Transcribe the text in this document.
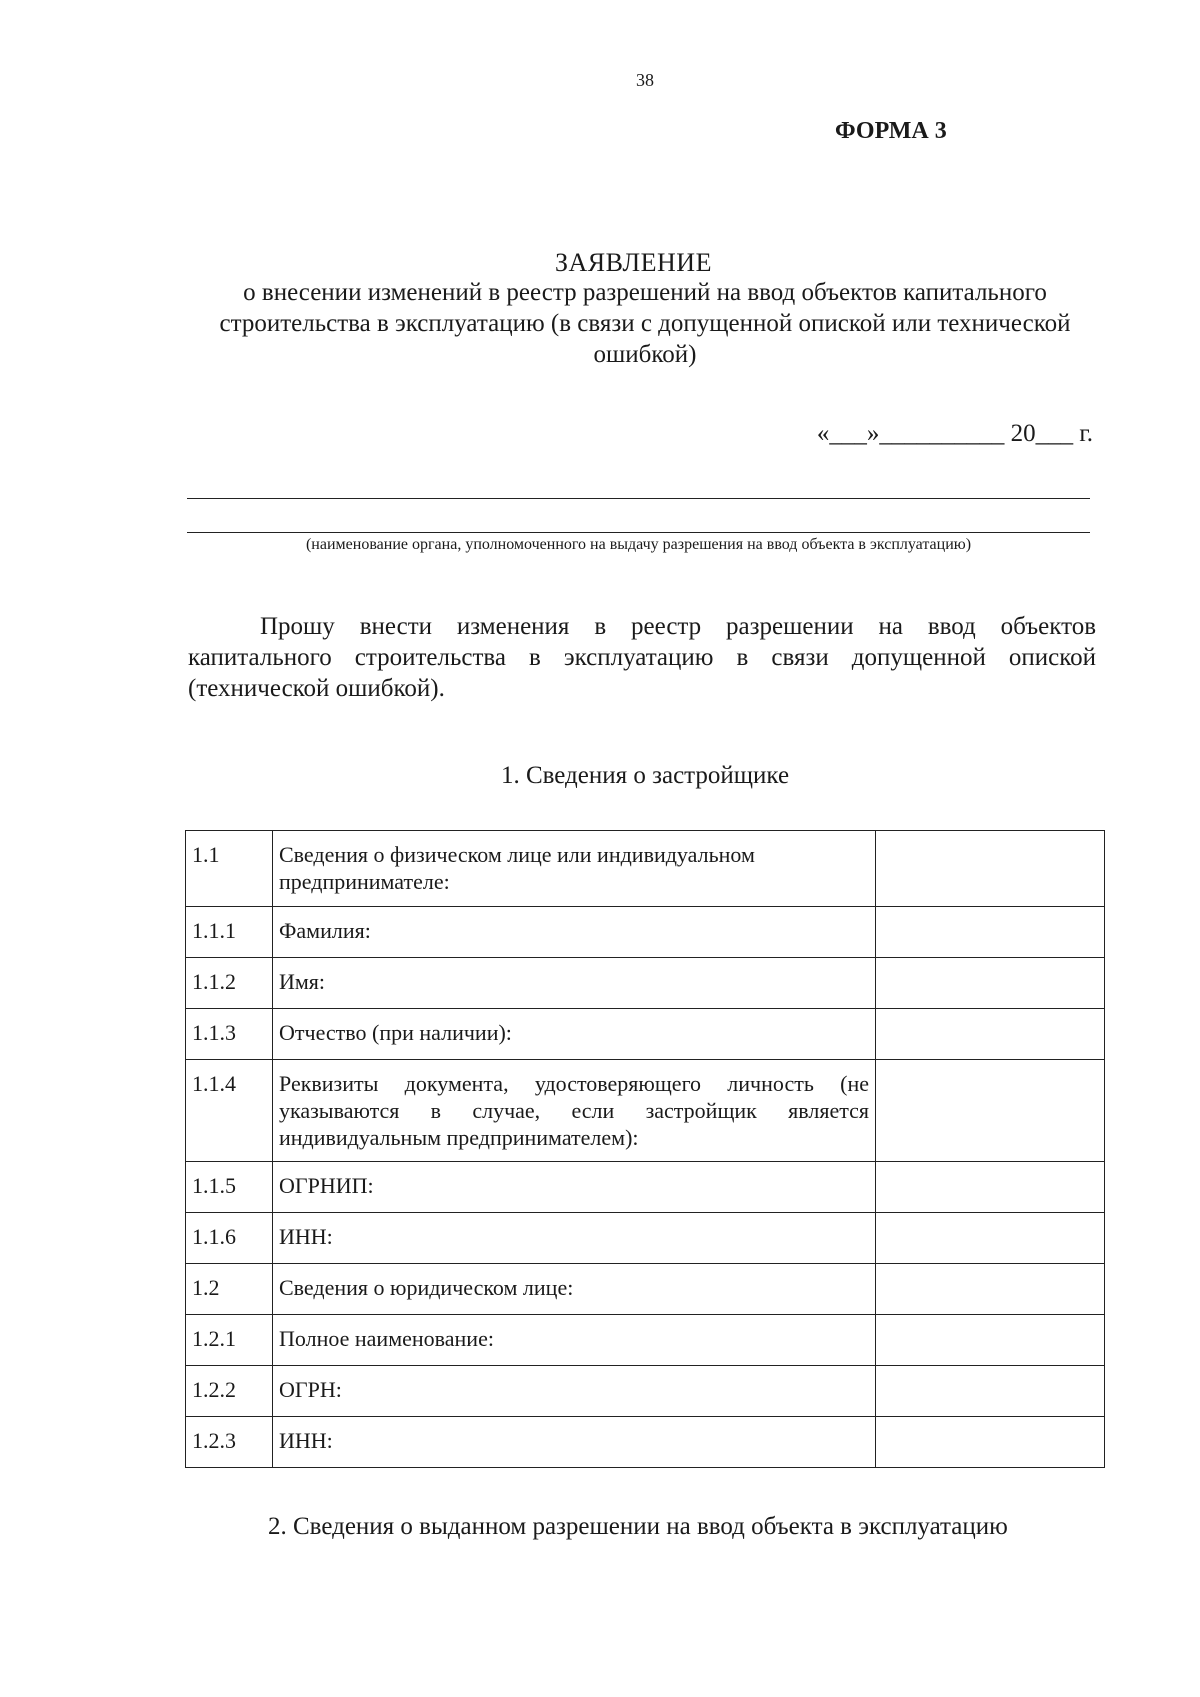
38
ФОРМА 3
ЗАЯВЛЕНИЕ
о внесении изменений в реестр разрешений на ввод объектов капитального строительства в эксплуатацию (в связи с допущенной опиской или технической ошибкой)
«___»__________ 20___ г.
(наименование органа, уполномоченного на выдачу разрешения на ввод объекта в эксплуатацию)
Прошу внести изменения в реестр разрешении на ввод объектов капитального строительства в эксплуатацию в связи допущенной опиской (технической ошибкой).
1. Сведения о застройщике
1.1	Сведения о физическом лице или индивидуальном предпринимателе:	
1.1.1	Фамилия:	
1.1.2	Имя:	
1.1.3	Отчество (при наличии):	
1.1.4	Реквизиты документа, удостоверяющего личность (не указываются в случае, если застройщик является индивидуальным предпринимателем):	
1.1.5	ОГРНИП:	
1.1.6	ИНН:	
1.2	Сведения о юридическом лице:	
1.2.1	Полное наименование:	
1.2.2	ОГРН:	
1.2.3	ИНН:	
2. Сведения о выданном разрешении на ввод объекта в эксплуатацию
